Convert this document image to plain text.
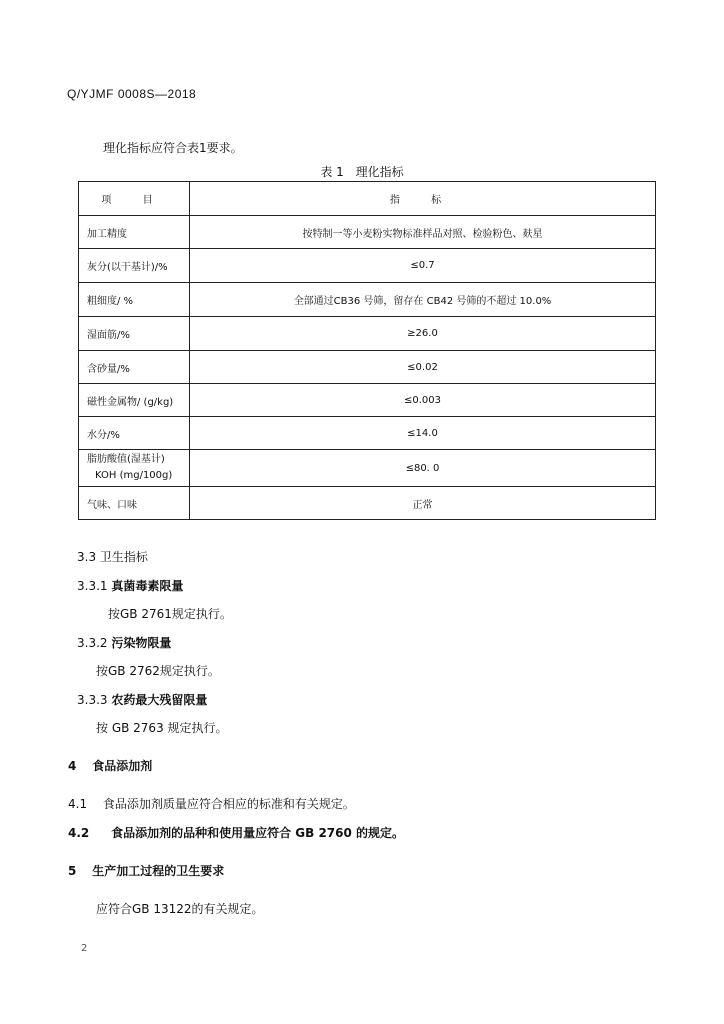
Q/YJMF 0008S—2018
理化指标应符合表1要求。
表 1 理化指标
项 目	指 标
加工精度	按特制一等小麦粉实物标准样品对照、检验粉色、麸星
灰分(以干基计)/%	≤0.7
粗细度/ %	全部通过CB36 号筛，留存在 CB42 号筛的不超过 10.0%
湿面筋/%	≥26.0
含砂量/%	≤0.02
磁性金属物/ (g/kg)	≤0.003
水分/%	≤14.0
脂肪酸值(湿基计)
KOH (mg/100g)	≤80. 0
气味、口味	正常
3.3 卫生指标
3.3.1 真菌毒素限量
按GB 2761规定执行。
3.3.2 污染物限量
按GB 2762规定执行。
3.3.3 农药最大残留限量
按 GB 2763 规定执行。
4 食品添加剂
4.1 食品添加剂质量应符合相应的标准和有关规定。
4.2 食品添加剂的品种和使用量应符合 GB 2760 的规定。
5 生产加工过程的卫生要求
应符合GB 13122的有关规定。
2
